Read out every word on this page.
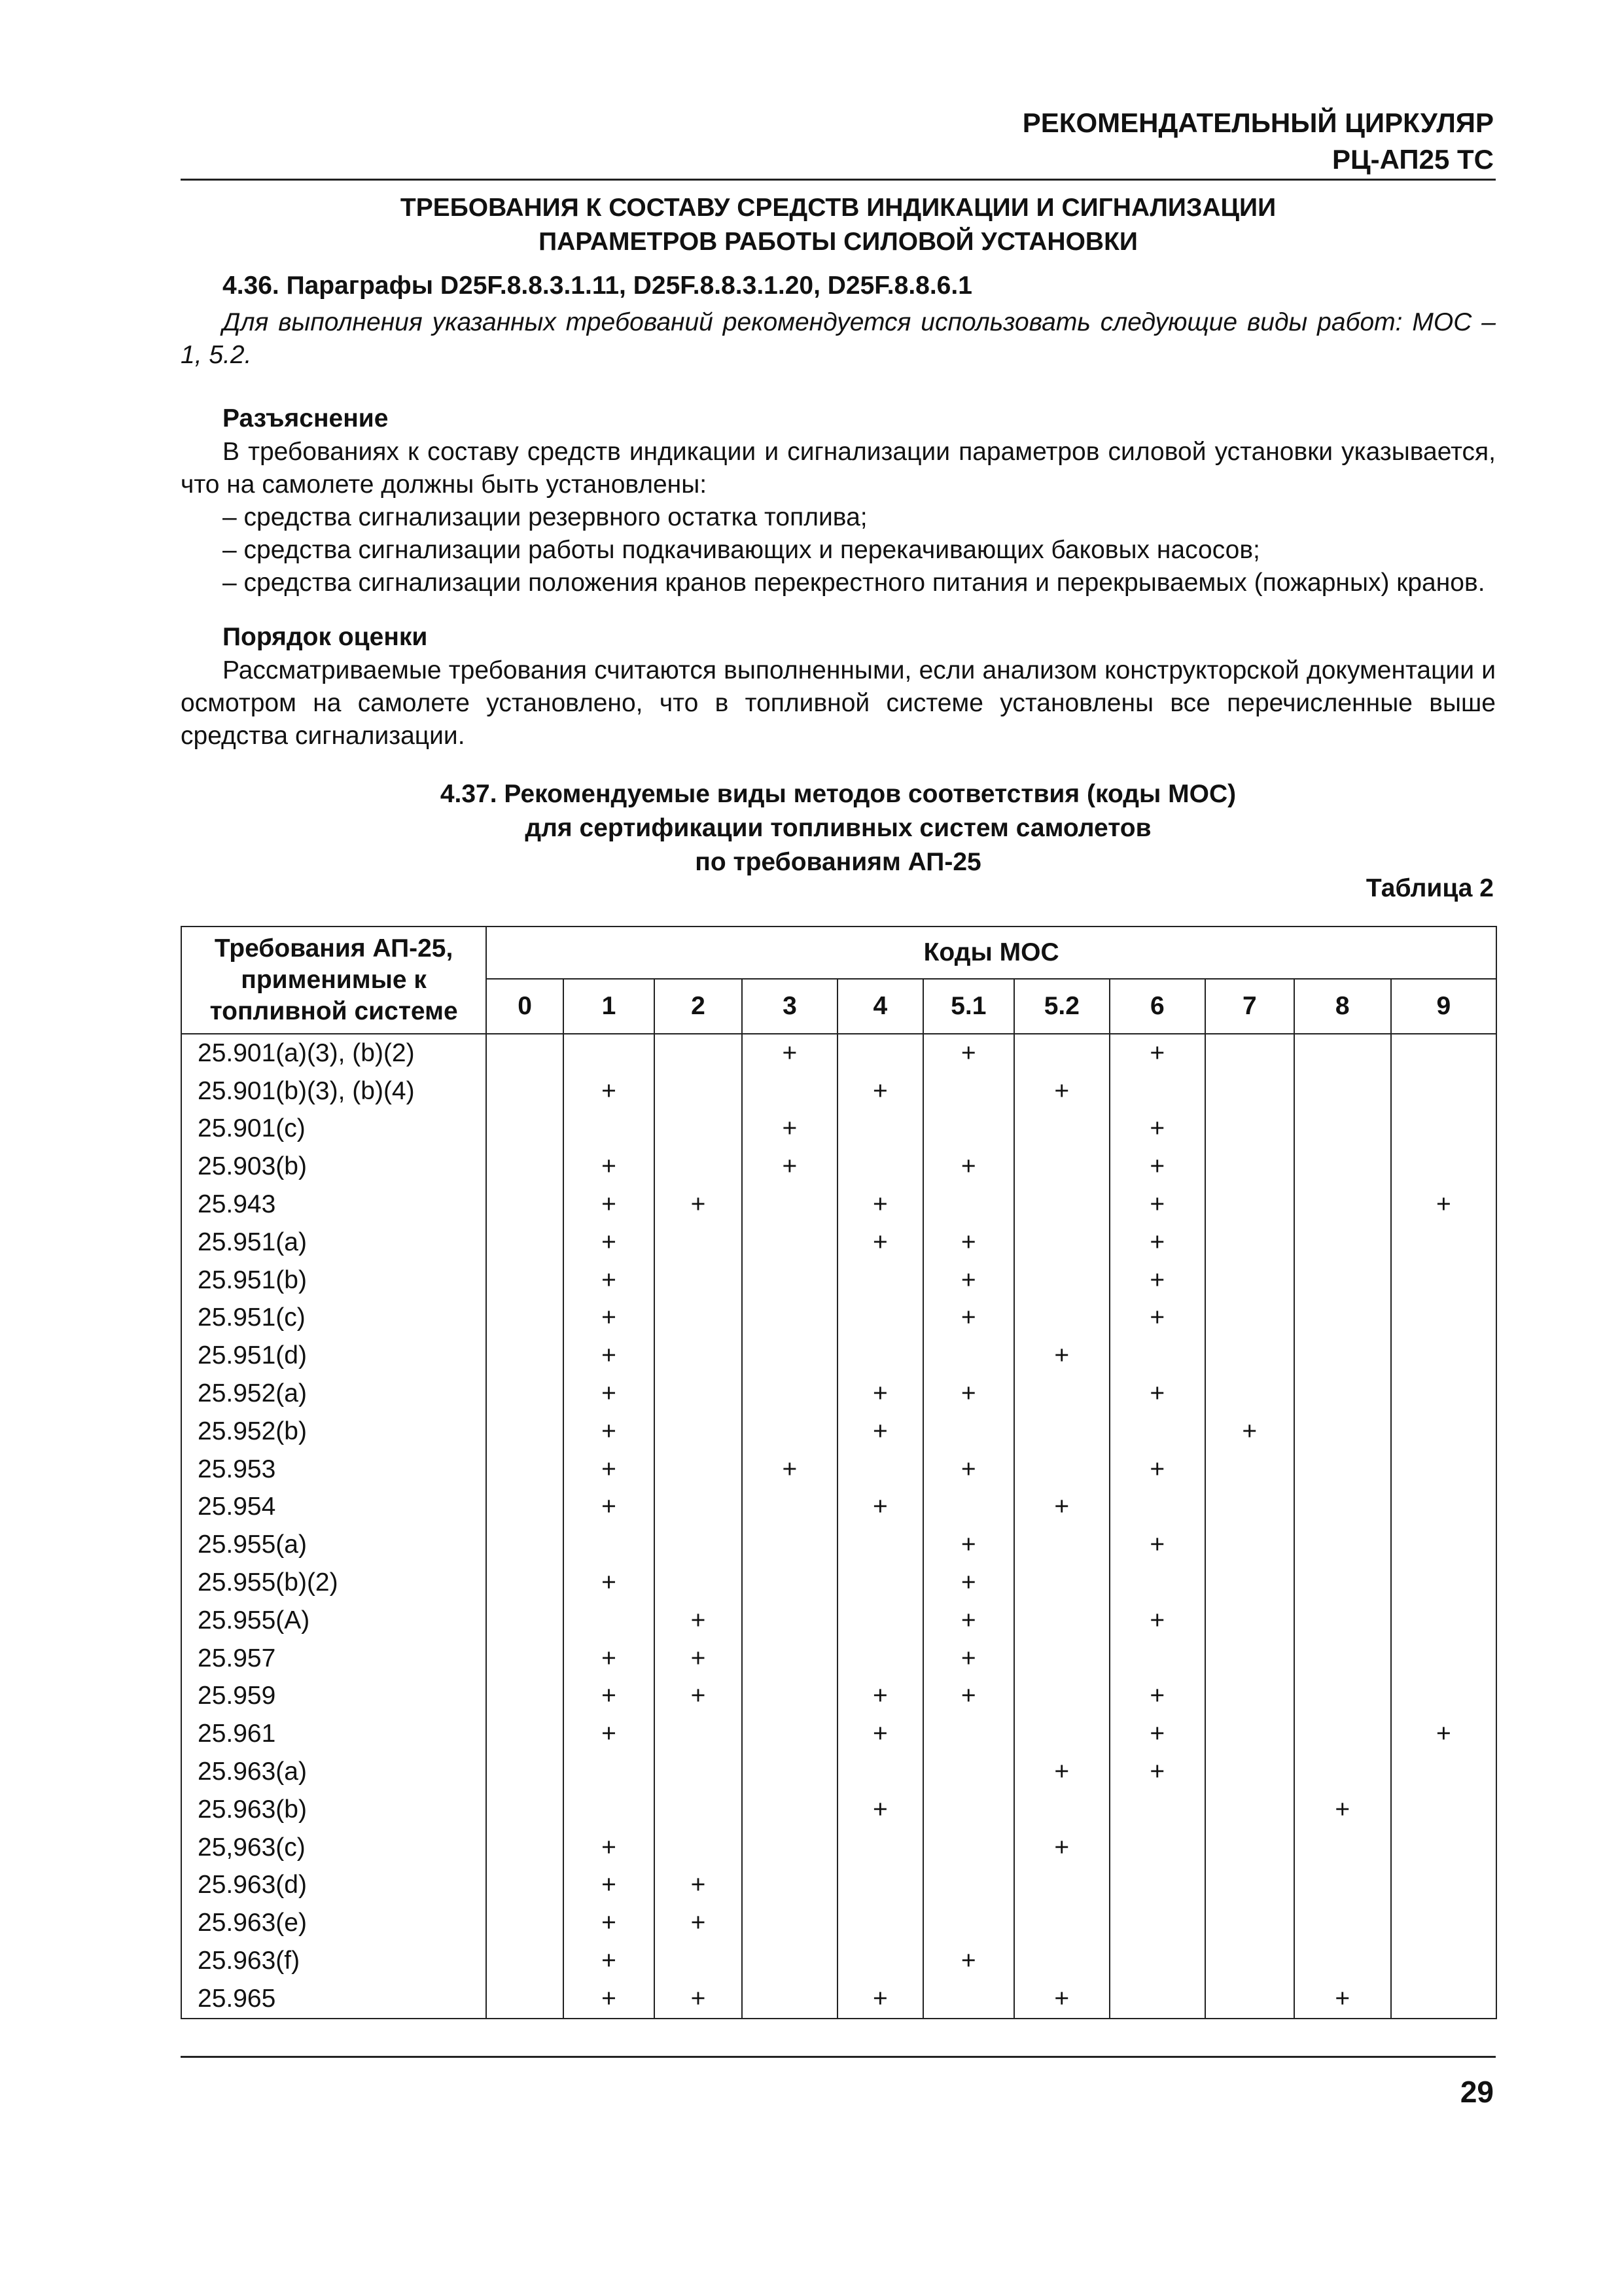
РЕКОМЕНДАТЕЛЬНЫЙ ЦИРКУЛЯР
РЦ-АП25 ТС
ТРЕБОВАНИЯ К СОСТАВУ СРЕДСТВ ИНДИКАЦИИ И СИГНАЛИЗАЦИИ
ПАРАМЕТРОВ РАБОТЫ СИЛОВОЙ УСТАНОВКИ
4.36. Параграфы D25F.8.8.3.1.11, D25F.8.8.3.1.20, D25F.8.8.6.1
Для выполнения указанных требований рекомендуется использовать следующие виды работ: МОС – 1, 5.2.
Разъяснение

В требованиях к составу средств индикации и сигнализации параметров силовой установки указывается, что на самолете должны быть установлены:

– средства сигнализации резервного остатка топлива;
– средства сигнализации работы подкачивающих и перекачивающих баковых насосов;
– средства сигнализации положения кранов перекрестного питания и перекрываемых (пожарных) кранов.
Порядок оценки

Рассматриваемые требования считаются выполненными, если анализом конструкторской документации и осмотром на самолете установлено, что в топливной системе установлены все перечисленные выше средства сигнализации.

4.37. Рекомендуемые виды методов соответствия (коды МОС)
для сертификации топливных систем самолетов
по требованиям АП-25
Таблица 2
Требования АП-25, применимые к топливной системе	Коды МОС										
	0	1	2	3	4	5.1	5.2	6	7	8	9
25.901(a)(3), (b)(2)				+		+		+			
25.901(b)(3), (b)(4)		+			+		+				
25.901(c)				+				+			
25.903(b)		+		+		+		+			
25.943		+	+		+			+			+
25.951(a)		+			+	+		+			
25.951(b)		+				+		+			
25.951(c)		+				+		+			
25.951(d)		+					+				
25.952(a)		+			+	+		+			
25.952(b)		+			+				+		
25.953		+		+		+		+			
25.954		+			+		+				
25.955(a)						+		+			
25.955(b)(2)		+				+					
25.955(A)			+			+		+			
25.957		+	+			+					
25.959		+	+		+	+		+			
25.961		+			+			+			+
25.963(a)							+	+			
25.963(b)					+					+	
25,963(c)		+					+				
25.963(d)		+	+								
25.963(e)		+	+								
25.963(f)		+				+					
25.965		+	+		+		+			+	
29
